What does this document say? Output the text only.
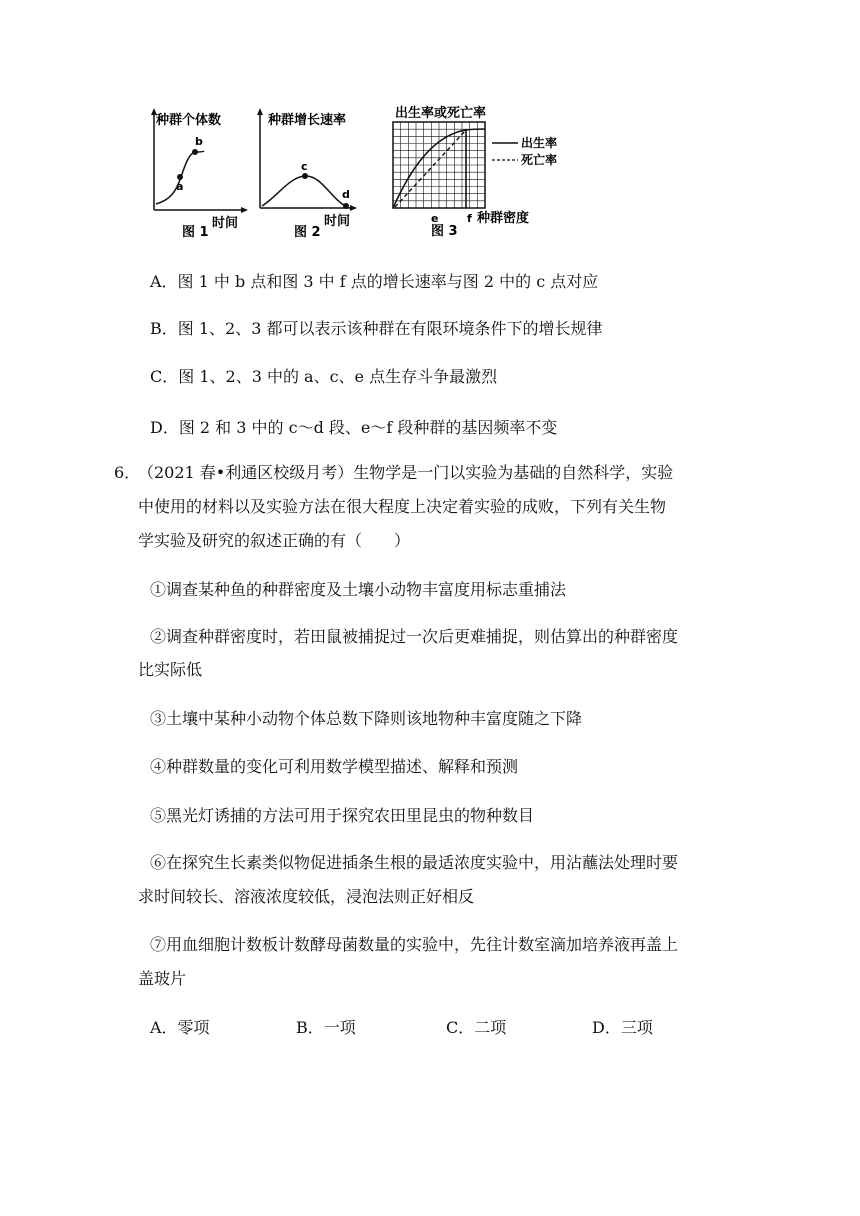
a
b
种群个体数
时间
图 1
c
d
种群增长速率
时间
图 2
出生率或死亡率
e	f 种群密度
图 3
出生率
死亡率
A．图 1 中 b 点和图 3 中 f 点的增长速率与图 2 中的 c 点对应
B．图 1、2、3 都可以表示该种群在有限环境条件下的增长规律
C．图 1、2、3 中的 a、c、e 点生存斗争最激烈
D．图 2 和 3 中的 c～d 段、e～f 段种群的基因频率不变
6．
（2021 春•利通区校级月考）生物学是一门以实验为基础的自然科学，实验
中使用的材料以及实验方法在很大程度上决定着实验的成败，下列有关生物
学实验及研究的叙述正确的有（　　）
①调查某种鱼的种群密度及土壤小动物丰富度用标志重捕法
②调查种群密度时，若田鼠被捕捉过一次后更难捕捉，则估算出的种群密度
比实际低
③土壤中某种小动物个体总数下降则该地物种丰富度随之下降
④种群数量的变化可利用数学模型描述、解释和预测
⑤黑光灯诱捕的方法可用于探究农田里昆虫的物种数目
⑥在探究生长素类似物促进插条生根的最适浓度实验中，用沾蘸法处理时要
求时间较长、溶液浓度较低，浸泡法则正好相反
⑦用血细胞计数板计数酵母菌数量的实验中，先往计数室滴加培养液再盖上
盖玻片
A．零项	B．一项	C．二项	D．三项
